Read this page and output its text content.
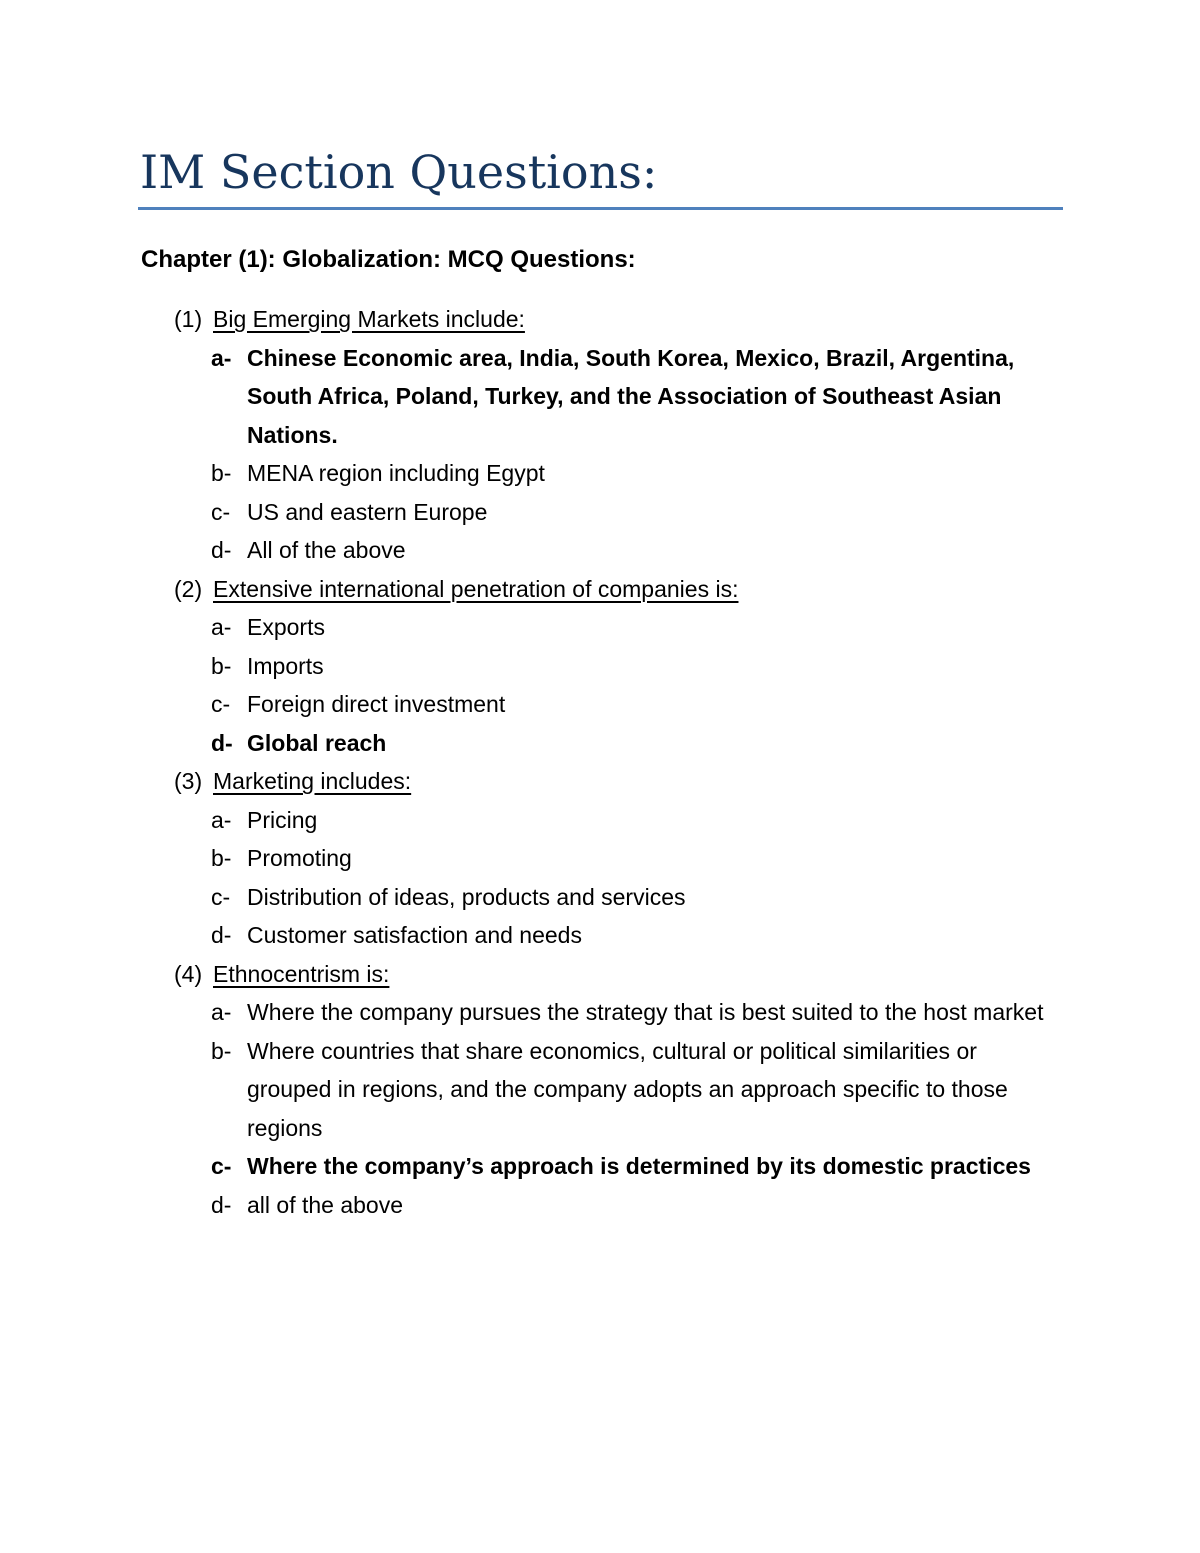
IM Section Questions:
Chapter (1): Globalization: MCQ Questions:
(1) Big Emerging Markets include:
a- Chinese Economic area, India, South Korea, Mexico, Brazil, Argentina, South Africa, Poland, Turkey, and the Association of Southeast Asian Nations.
b- MENA region including Egypt
c- US and eastern Europe
d- All of the above
(2) Extensive international penetration of companies is:
a- Exports
b- Imports
c- Foreign direct investment
d- Global reach
(3) Marketing includes:
a- Pricing
b- Promoting
c- Distribution of ideas, products and services
d- Customer satisfaction and needs
(4) Ethnocentrism is:
a- Where the company pursues the strategy that is best suited to the host market
b- Where countries that share economics, cultural or political similarities or grouped in regions, and the company adopts an approach specific to those regions
c- Where the company’s approach is determined by its domestic practices
d- all of the above
